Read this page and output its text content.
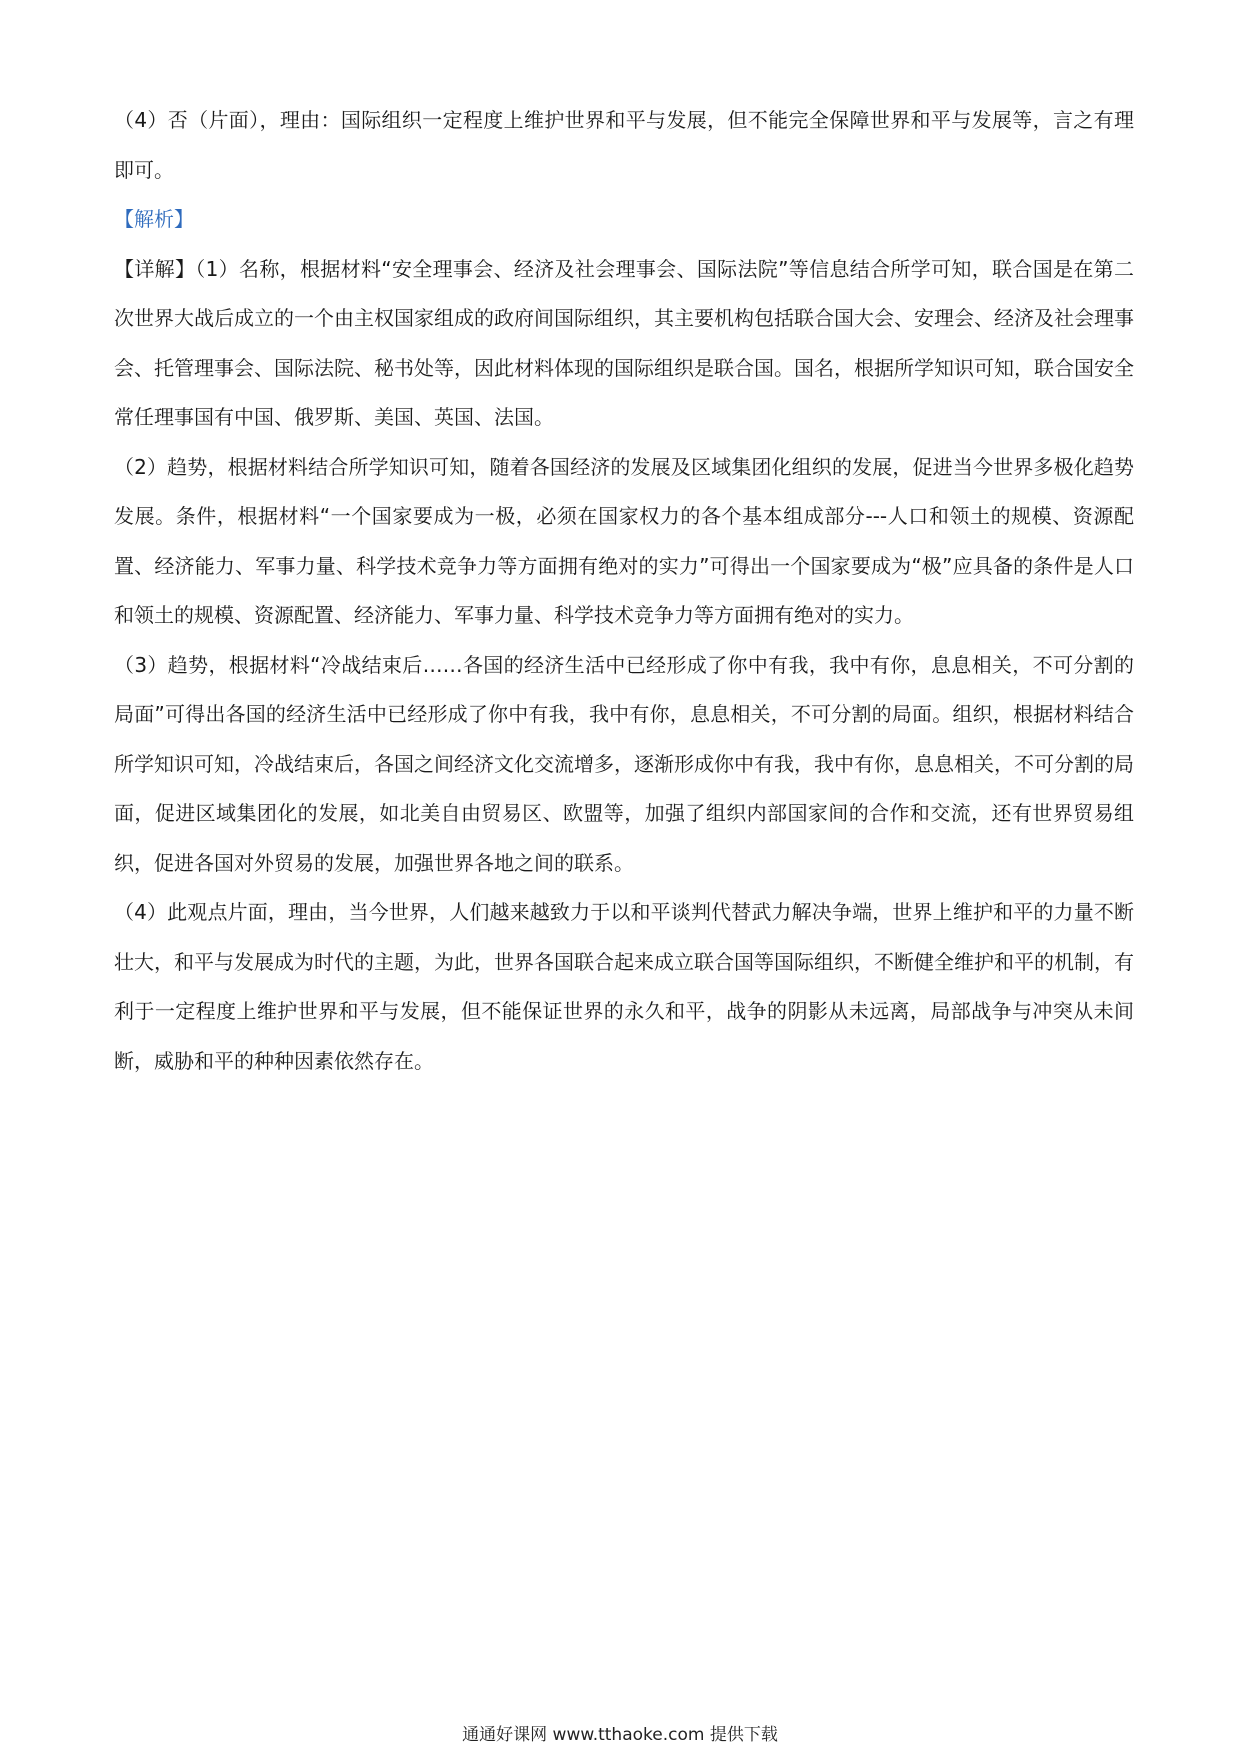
（4）否（片面），理由：国际组织一定程度上维护世界和平与发展，但不能完全保障世界和平与发展等，言之有理即可。

【解析】

【详解】（1）名称，根据材料“安全理事会、经济及社会理事会、国际法院”等信息结合所学可知，联合国是在第二次世界大战后成立的一个由主权国家组成的政府间国际组织，其主要机构包括联合国大会、安理会、经济及社会理事会、托管理事会、国际法院、秘书处等，因此材料体现的国际组织是联合国。国名，根据所学知识可知，联合国安全常任理事国有中国、俄罗斯、美国、英国、法国。

（2）趋势，根据材料结合所学知识可知，随着各国经济的发展及区域集团化组织的发展，促进当今世界多极化趋势发展。条件，根据材料“一个国家要成为一极，必须在国家权力的各个基本组成部分---人口和领土的规模、资源配置、经济能力、军事力量、科学技术竞争力等方面拥有绝对的实力”可得出一个国家要成为“极”应具备的条件是人口和领土的规模、资源配置、经济能力、军事力量、科学技术竞争力等方面拥有绝对的实力。

（3）趋势，根据材料“冷战结束后……各国的经济生活中已经形成了你中有我，我中有你，息息相关，不可分割的局面”可得出各国的经济生活中已经形成了你中有我，我中有你，息息相关，不可分割的局面。组织，根据材料结合所学知识可知，冷战结束后，各国之间经济文化交流增多，逐渐形成你中有我，我中有你，息息相关，不可分割的局面，促进区域集团化的发展，如北美自由贸易区、欧盟等，加强了组织内部国家间的合作和交流，还有世界贸易组织，促进各国对外贸易的发展，加强世界各地之间的联系。

（4）此观点片面，理由，当今世界，人们越来越致力于以和平谈判代替武力解决争端，世界上维护和平的力量不断壮大，和平与发展成为时代的主题，为此，世界各国联合起来成立联合国等国际组织，不断健全维护和平的机制，有利于一定程度上维护世界和平与发展，但不能保证世界的永久和平，战争的阴影从未远离，局部战争与冲突从未间断，威胁和平的种种因素依然存在。

通通好课网 www.tthaoke.com 提供下载
